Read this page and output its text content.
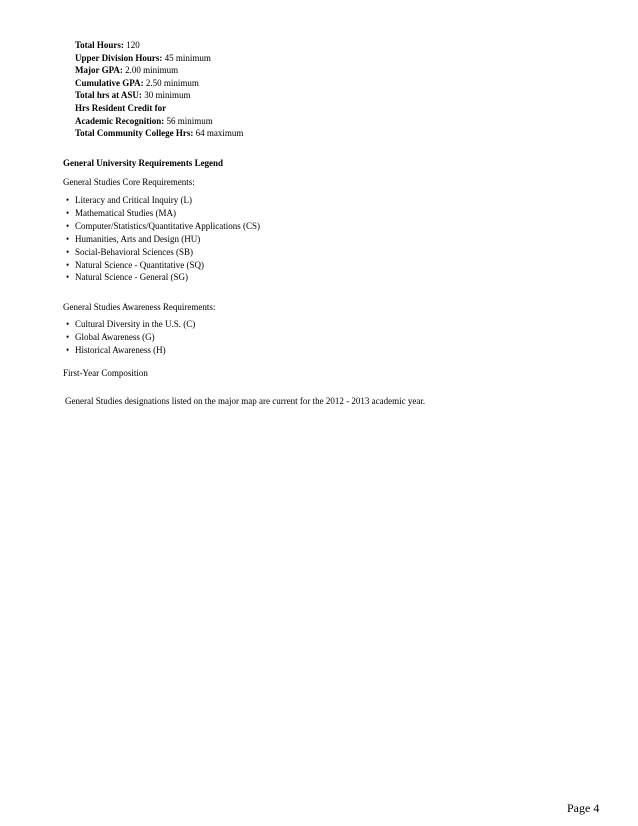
Total Hours: 120
Upper Division Hours: 45 minimum
Major GPA: 2.00 minimum
Cumulative GPA: 2.50 minimum
Total hrs at ASU: 30 minimum
Hrs Resident Credit for
Academic Recognition: 56 minimum
Total Community College Hrs: 64 maximum
General University Requirements Legend
General Studies Core Requirements:
• Literacy and Critical Inquiry (L)
• Mathematical Studies (MA)
• Computer/Statistics/Quantitative Applications (CS)
• Humanities, Arts and Design (HU)
• Social-Behavioral Sciences (SB)
• Natural Science - Quantitative (SQ)
• Natural Science - General (SG)
General Studies Awareness Requirements:
• Cultural Diversity in the U.S. (C)
• Global Awareness (G)
• Historical Awareness (H)
First-Year Composition
General Studies designations listed on the major map are current for the 2012 - 2013 academic year.
Page 4
